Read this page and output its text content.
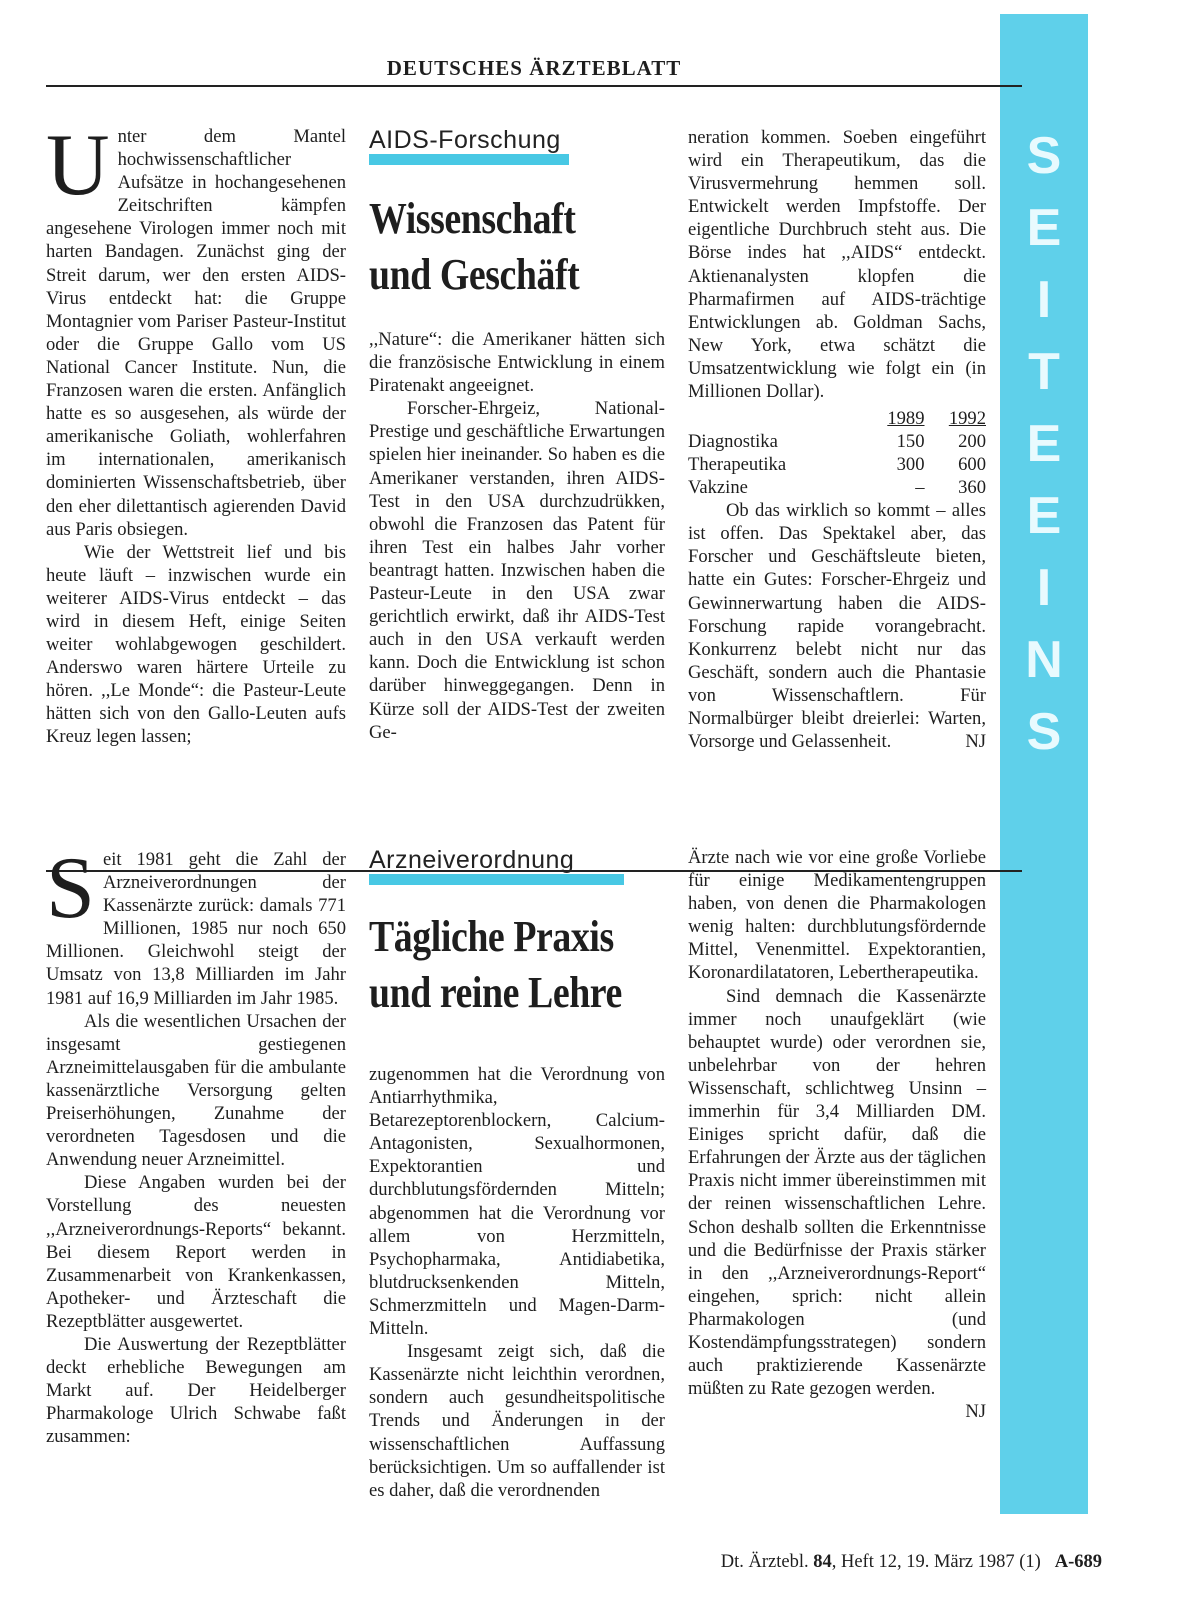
S
E
I
T
E
E
I
N
S
DEUTSCHES ÄRZTEBLATT

Unter dem Mantel hochwissenschaftlicher Aufsätze in hochangesehenen Zeitschriften kämpfen angesehene Virologen immer noch mit harten Bandagen. Zunächst ging der Streit darum, wer den ersten AIDS-Virus entdeckt hat: die Gruppe Montagnier vom Pariser Pasteur-Institut oder die Gruppe Gallo vom US National Cancer Institute. Nun, die Franzosen waren die ersten. Anfänglich hatte es so ausgesehen, als würde der amerikanische Goliath, wohlerfahren im internationalen, amerikanisch dominierten Wissenschaftsbetrieb, über den eher dilettantisch agierenden David aus Paris obsiegen.

Wie der Wettstreit lief und bis heute läuft – inzwischen wurde ein weiterer AIDS-Virus entdeckt – das wird in diesem Heft, einige Seiten weiter wohlabgewogen geschildert. Anderswo waren härtere Urteile zu hören. ,,Le Monde“: die Pasteur-Leute hätten sich von den Gallo-Leuten aufs Kreuz legen lassen;

AIDS-Forschung
Wissenschaft
und Geschäft

,,Nature“: die Amerikaner hätten sich die französische Entwicklung in einem Piratenakt angeeignet.

Forscher-Ehrgeiz, National-Prestige und geschäftliche Erwartungen spielen hier ineinander. So haben es die Amerikaner verstanden, ihren AIDS-Test in den USA durchzudrükken, obwohl die Franzosen das Patent für ihren Test ein halbes Jahr vorher beantragt hatten. Inzwischen haben die Pasteur-Leute in den USA zwar gerichtlich erwirkt, daß ihr AIDS-Test auch in den USA verkauft werden kann. Doch die Entwicklung ist schon darüber hinweggegangen. Denn in Kürze soll der AIDS-Test der zweiten Ge-

neration kommen. Soeben eingeführt wird ein Therapeutikum, das die Virusvermehrung hemmen soll. Entwickelt werden Impfstoffe. Der eigentliche Durchbruch steht aus. Die Börse indes hat ,,AIDS“ entdeckt. Aktienanalysten klopfen die Pharmafirmen auf AIDS-trächtige Entwicklungen ab. Goldman Sachs, New York, etwa schätzt die Umsatzentwicklung wie folgt ein (in Millionen Dollar).

1989	1992
Diagnostika	150	200
Therapeutika	300	600
Vakzine	–	360

Ob das wirklich so kommt – alles ist offen. Das Spektakel aber, das Forscher und Geschäftsleute bieten, hatte ein Gutes: Forscher-Ehrgeiz und Gewinnerwartung haben die AIDS-Forschung rapide vorangebracht. Konkurrenz belebt nicht nur das Geschäft, sondern auch die Phantasie von Wissenschaftlern. Für Normalbürger bleibt dreierlei: Warten, Vorsorge und Gelassenheit.	NJ

Seit 1981 geht die Zahl der Arzneiverordnungen der Kassenärzte zurück: damals 771 Millionen, 1985 nur noch 650 Millionen. Gleichwohl steigt der Umsatz von 13,8 Milliarden im Jahr 1981 auf 16,9 Milliarden im Jahr 1985.

Als die wesentlichen Ursachen der insgesamt gestiegenen Arzneimittelausgaben für die ambulante kassenärztliche Versorgung gelten Preiserhöhungen, Zunahme der verordneten Tagesdosen und die Anwendung neuer Arzneimittel.

Diese Angaben wurden bei der Vorstellung des neuesten ,,Arzneiverordnungs-Reports“ bekannt. Bei diesem Report werden in Zusammenarbeit von Krankenkassen, Apotheker- und Ärzteschaft die Rezeptblätter ausgewertet.

Die Auswertung der Rezeptblätter deckt erhebliche Bewegungen am Markt auf. Der Heidelberger Pharmakologe Ulrich Schwabe faßt zusammen:

Arzneiverordnung
Tägliche Praxis
und reine Lehre

zugenommen hat die Verordnung von Antiarrhythmika, Betarezeptorenblockern, Calcium-Antagonisten, Sexualhormonen, Expektorantien und durchblutungsfördernden Mitteln; abgenommen hat die Verordnung vor allem von Herzmitteln, Psychopharmaka, Antidiabetika, blutdrucksenkenden Mitteln, Schmerzmitteln und Magen-Darm-Mitteln.

Insgesamt zeigt sich, daß die Kassenärzte nicht leichthin verordnen, sondern auch gesundheitspolitische Trends und Änderungen in der wissenschaftlichen Auffassung berücksichtigen. Um so auffallender ist es daher, daß die verordnenden

Ärzte nach wie vor eine große Vorliebe für einige Medikamentengruppen haben, von denen die Pharmakologen wenig halten: durchblutungsfördernde Mittel, Venenmittel. Expektorantien, Koronardilatatoren, Lebertherapeutika.

Sind demnach die Kassenärzte immer noch unaufgeklärt (wie behauptet wurde) oder verordnen sie, unbelehrbar von der hehren Wissenschaft, schlichtweg Unsinn – immerhin für 3,4 Milliarden DM. Einiges spricht dafür, daß die Erfahrungen der Ärzte aus der täglichen Praxis nicht immer übereinstimmen mit der reinen wissenschaftlichen Lehre. Schon deshalb sollten die Erkenntnisse und die Bedürfnisse der Praxis stärker in den ,,Arzneiverordnungs-Report“ eingehen, sprich: nicht allein Pharmakologen (und Kostendämpfungsstrategen) sondern auch praktizierende Kassenärzte müßten zu Rate gezogen werden.
NJ

Dt. Ärztebl. 84, Heft 12, 19. März 1987 (1) A-689
